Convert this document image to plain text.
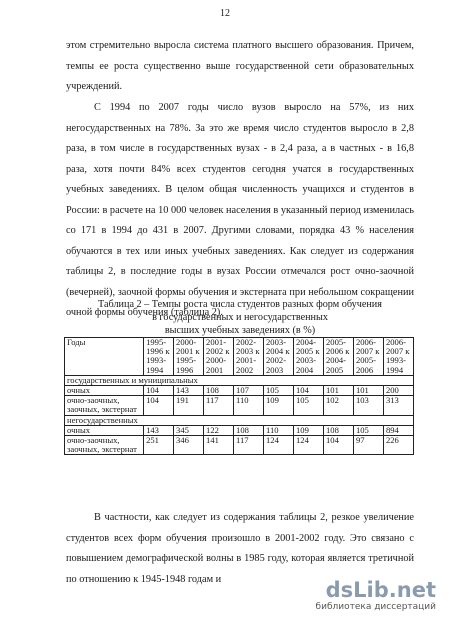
12

этом стремительно выросла система платного высшего образования. Причем, темпы ее роста существенно выше государственной сети образовательных учреждений.

С 1994 по 2007 годы число вузов выросло на 57%, из них негосударственных на 78%. За это же время число студентов выросло в 2,8 раза, в том числе в государственных вузах - в 2,4 раза, а в частных - в 16,8 раза, хотя почти 84% всех студентов сегодня учатся в государственных учебных заведениях. В целом общая численность учащихся и студентов в России: в расчете на 10 000 человек населения в указанный период изменилась со 171 в 1994 до 431 в 2007. Другими словами, порядка 43 % населения обучаются в тех или иных учебных заведениях. Как следует из содержания таблицы 2, в последние годы в вузах России отмечался рост очно-заочной (вечерней), заочной формы обучения и экстерната при небольшом сокращении очной формы обучения (таблица 2).

Таблица 2 – Темпы роста числа студентов разных форм обучения
в государственных и негосударственных
высших учебных заведениях (в %)
Годы	1995-1996 к 1993-1994	2000-2001 к 1995-1996	2001-2002 к 2000-2001	2002-2003 к 2001-2002	2003-2004 к 2002-2003	2004-2005 к 2003-2004	2005-2006 к 2004-2005	2006-2007 к 2005-2006	2006-2007 к 1993-1994
государственных и муниципальных									
очных	104	143	108	107	105	104	101	101	200
очно-заочных, заочных, экстернат	104	191	117	110	109	105	102	103	313
негосударственных									
очных	143	345	122	108	110	109	108	105	894
очно-заочных, заочных, экстернат	251	346	141	117	124	124	104	97	226

В частности, как следует из содержания таблицы 2, резкое увеличение студентов всех форм обучения произошло в 2001-2002 году. Это связано с повышением демографической волны в 1985 году, которая является третичной по отношению к 1945-1948 годам и	dsLib.net
библиотека диссертаций
